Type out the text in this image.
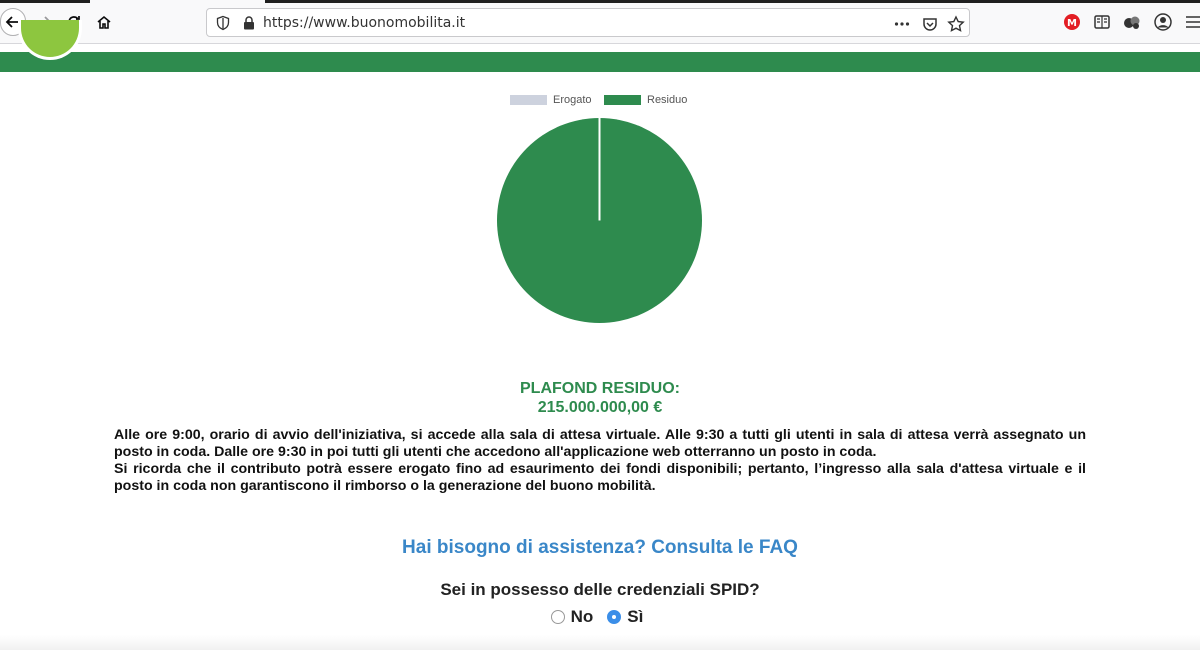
https://www.buonomobilita.it	M
Erogato	Residuo
PLAFOND RESIDUO:
215.000.000,00 €

Alle ore 9:00, orario di avvio dell'iniziativa, si accede alla sala di attesa virtuale. Alle 9:30 a tutti gli utenti in sala di attesa verrà assegnato un posto in coda. Dalle ore 9:30 in poi tutti gli utenti che accedono all'applicazione web otterranno un posto in coda.

Si ricorda che il contributo potrà essere erogato fino ad esaurimento dei fondi disponibili; pertanto, l’ingresso alla sala d'attesa virtuale e il posto in coda non garantiscono il rimborso o la generazione del buono mobilità.

Hai bisogno di assistenza? Consulta le FAQ
Sei in possesso delle credenziali SPID?
No Sì
